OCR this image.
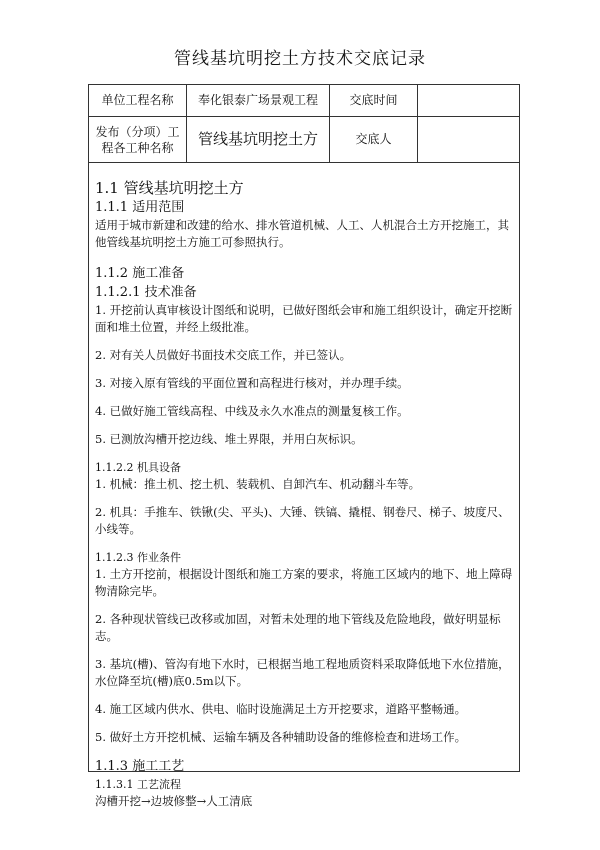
管线基坑明挖土方技术交底记录
单位工程名称	奉化银泰广场景观工程	交底时间
发布（分项）工
程各工种名称	管线基坑明挖土方	交底人

1.1 管线基坑明挖土方

1.1.1 适用范围

适用于城市新建和改建的给水、排水管道机械、人工、人机混合土方开挖施工，其他管线基坑明挖土方施工可参照执行。

1.1.2 施工准备

1.1.2.1 技术准备

1. 开挖前认真审核设计图纸和说明，已做好图纸会审和施工组织设计，确定开挖断面和堆土位置，并经上级批准。

2. 对有关人员做好书面技术交底工作，并已签认。

3. 对接入原有管线的平面位置和高程进行核对，并办理手续。

4. 已做好施工管线高程、中线及永久水准点的测量复核工作。

5. 已测放沟槽开挖边线、堆土界限，并用白灰标识。

1.1.2.2 机具设备

1. 机械：推土机、挖土机、装载机、自卸汽车、机动翻斗车等。

2. 机具：手推车、铁锹(尖、平头)、大锤、铁镐、撬棍、钢卷尺、梯子、坡度尺、小线等。

1.1.2.3 作业条件

1. 土方开挖前，根据设计图纸和施工方案的要求，将施工区域内的地下、地上障碍物清除完毕。

2. 各种现状管线已改移或加固，对暂未处理的地下管线及危险地段，做好明显标志。

3. 基坑(槽)、管沟有地下水时，已根据当地工程地质资料采取降低地下水位措施，水位降至坑(槽)底0.5m以下。

4. 施工区域内供水、供电、临时设施满足土方开挖要求，道路平整畅通。

5. 做好土方开挖机械、运输车辆及各种辅助设备的维修检查和进场工作。

1.1.3 施工工艺

1.1.3.1 工艺流程

沟槽开挖→边坡修整→人工清底
